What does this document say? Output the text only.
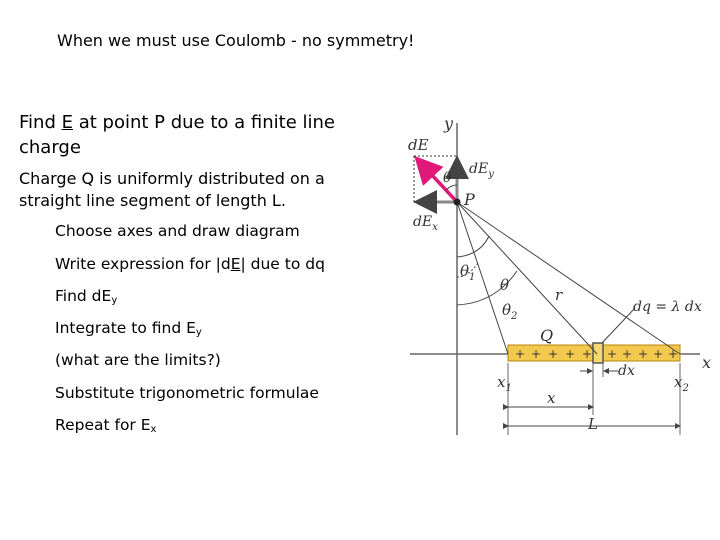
When we must use Coulomb - no symmetry!
Find E at point P due to a finite line charge
Charge Q is uniformly distributed on a straight line segment of length L.
Choose axes and draw diagram
Write expression for |dE| due to dq
Find $dE_y$
Integrate to find $E_y$
(what are the limits?)
Substitute trigonometric formulae
Repeat for $E_x$
+ + + + + + + + + +
y
x
P
dE
$dE_y$
$dE_x$
θ
$\theta_1$ θ
$\theta_2$
r
dq = λ dx
Q
$x_1$	$x_2$
dx
x
L
